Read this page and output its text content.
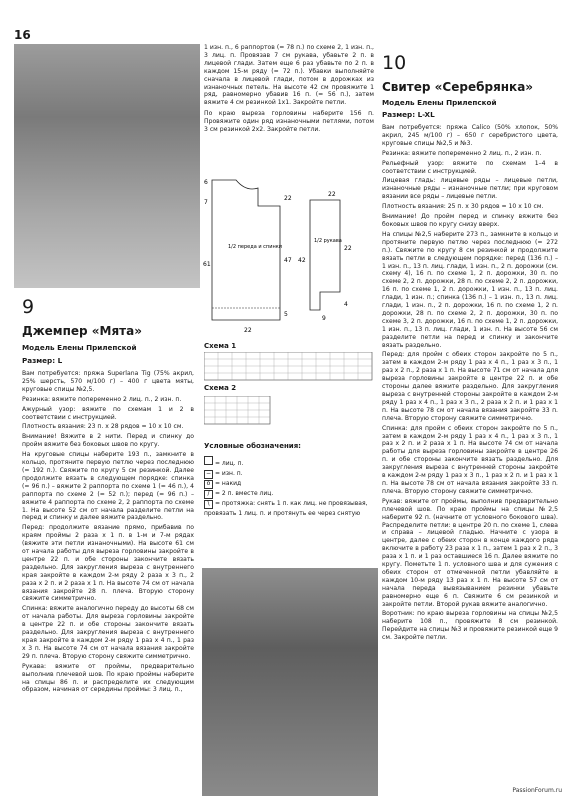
16
9
Джемпер «Мята»
Модель Елены Прилепской
Размер: L
Вам потребуется: пряжа Superlana Tig (75% акрил, 25% шерсть, 570 м/100 г) – 400 г цвета мяты, круговые спицы №2,5.
Резинка: вяжите попеременно 2 лиц. п., 2 изн. п.
Ажурный узор: вяжите по схемам 1 и 2 в соответствии с инструкцией.
Плотность вязания: 23 п. х 28 рядов = 10 х 10 см.
Внимание! Вяжите в 2 нити. Перед и спинку до пройм вяжите без боковых швов по кругу.
На круговые спицы наберите 193 п., замкните в кольцо, протяните первую петлю через последнюю (= 192 п.). Свяжите по кругу 5 см резинкой. Далее продолжите вязать в следующем порядке: спинка (= 96 п.) – вяжите 2 раппорта по схеме 1 (= 46 п.), 4 раппорта по схеме 2 (= 52 п.); перед (= 96 п.) – вяжите 4 раппорта по схеме 2, 2 раппорта по схеме 1. На высоте 52 см от начала разделите петли на перед и спинку и далее вяжите раздельно.
Перед: продолжите вязание прямо, прибавив по краям проймы 2 раза х 1 п. в 1-м и 7-м рядах (вяжите эти петли изнаночными). На высоте 61 см от начала работы для выреза горловины закройте в центре 22 п. и обе стороны закончите вязать раздельно. Для закругления выреза с внутреннего края закройте в каждом 2-м ряду 2 раза х 3 п., 2 раза х 2 п. и 2 раза х 1 п. На высоте 74 см от начала вязания закройте 28 п. плеча. Вторую сторону свяжите симметрично.
Спинка: вяжите аналогично переду до высоты 68 см от начала работы. Для выреза горловины закройте в центре 22 п. и обе стороны закончите вязать раздельно. Для закругления выреза с внутреннего края закройте в каждом 2-м ряду 1 раз х 4 п., 1 раз х 3 п. На высоте 74 см от начала вязания закройте 29 п. плеча. Вторую сторону свяжите симметрично.
Рукава: вяжите от проймы, предварительно выполнив плечевой шов. По краю проймы наберите на спицы 86 п. и распределите их следующим образом, начиная от середины проймы: 3 лиц. п.,
1 изн. п., 6 раппортов (= 78 п.) по схеме 2, 1 изн. п., 3 лиц. п. Провязав 7 см рукава, убавьте 2 п. в лицевой глади. Затем еще 6 раз убавьте по 2 п. в каждом 15-м ряду (= 72 п.). Убавки выполняйте сначала в лицевой глади, потом в дорожках из изнаночных петель. На высоте 42 см провяжите 1 ряд, равномерно убавив 16 п. (= 56 п.), затем вяжите 4 см резинкой 1х1. Закройте петли.
По краю выреза горловины наберите 156 п. Провяжите один ряд изнаночными петлями, потом 3 см резинкой 2х2. Закройте петли.
1/2 переда и спинки
6
7
61
47
5
22
22
1/2 рукава
42
22
4
9
22
Схема 1
Схема 2
Условные обозначения:
= лиц. п.
− = изн. п.
o = накид
/ = 2 п. вместе лиц.
\ = протяжка: снять 1 п. как лиц. не провязывая, провязать 1 лиц. п. и протянуть ее через снятую
10
Свитер «Серебрянка»
Модель Елены Прилепской
Размер: L-XL
Вам потребуется: пряжа Calico (50% хлопок, 50% акрил, 245 м/100 г) – 650 г серебристого цвета, круговые спицы №2,5 и №3.
Резинка: вяжите попеременно 2 лиц. п., 2 изн. п.
Рельефный узор: вяжите по схемам 1–4 в соответствии с инструкцией.
Лицевая гладь: лицевые ряды – лицевые петли, изнаночные ряды – изнаночные петли; при круговом вязании все ряды – лицевые петли.
Плотность вязания: 25 п. х 30 рядов = 10 х 10 см.
Внимание! До пройм перед и спинку вяжите без боковых швов по кругу снизу вверх.
На спицы №2,5 наберите 273 п., замкните в кольцо и протяните первую петлю через последнюю (= 272 п.). Свяжите по кругу 8 см резинкой и продолжите вязать петли в следующем порядке: перед (136 п.) – 1 изн. п., 13 п. лиц. глади, 1 изн. п., 2 п. дорожки (см. схему 4), 16 п. по схеме 1, 2 п. дорожки, 30 п. по схеме 2, 2 п. дорожки, 28 п. по схеме 2, 2 п. дорожки, 16 п. по схеме 1, 2 п. дорожки, 1 изн. п., 13 п. лиц. глади, 1 изн. п.; спинка (136 п.) – 1 изн. п., 13 п. лиц. глади, 1 изн. п., 2 п. дорожки, 16 п. по схеме 1, 2 п. дорожки, 28 п. по схеме 2, 2 п. дорожки, 30 п. по схеме 3, 2 п. дорожки, 16 п. по схеме 1, 2 п. дорожки, 1 изн. п., 13 п. лиц. глади, 1 изн. п. На высоте 56 см разделите петли на перед и спинку и закончите вязать раздельно.
Перед: для пройм с обеих сторон закройте по 5 п., затем в каждом 2-м ряду 1 раз х 4 п., 1 раз х 3 п., 1 раз х 2 п., 2 раза х 1 п. На высоте 71 см от начала для выреза горловины закройте в центре 22 п. и обе стороны далее вяжите раздельно. Для закругления выреза с внутренней стороны закройте в каждом 2-м ряду 1 раз х 4 п., 1 раз х 3 п., 2 раза х 2 п. и 1 раз х 1 п. На высоте 78 см от начала вязания закройте 33 п. плеча. Вторую сторону свяжите симметрично.
Спинка: для пройм с обеих сторон закройте по 5 п., затем в каждом 2-м ряду 1 раз х 4 п., 1 раз х 3 п., 1 раз х 2 п. и 2 раза х 1 п. На высоте 74 см от начала работы для выреза горловины закройте в центре 26 п. и обе стороны закончите вязать раздельно. Для закругления выреза с внутренней стороны закройте в каждом 2-м ряду 1 раз х 3 п., 1 раз х 2 п. и 1 раз х 1 п. На высоте 78 см от начала вязания закройте 33 п. плеча. Вторую сторону свяжите симметрично.
Рукав: вяжите от проймы, выполнив предварительно плечевой шов. По краю проймы на спицы №2,5 наберите 92 п. (начните от условного бокового шва). Распределите петли: в центре 20 п. по схеме 1, слева и справа – лицевой гладью. Начните с узора в центре, далее с обеих сторон в конце каждого ряда включите в работу 23 раза х 1 п., затем 1 раз х 2 п., 3 раза х 1 п. и 1 раз оставшиеся 16 п. Далее вяжите по кругу. Пометьте 1 п. условного шва и для сужения с обеих сторон от отмеченной петли убавляйте в каждом 10-м ряду 13 раз х 1 п. На высоте 57 см от начала переда вывязыванием резинки убавьте равномерно еще 6 п. Свяжите 6 см резинкой и закройте петли. Второй рукав вяжите аналогично.
Воротник: по краю выреза горловины на спицы №2,5 наберите 108 п., провяжите 8 см резинкой. Перейдите на спицы №3 и провяжите резинкой еще 9 см. Закройте петли.
PassionForum.ru
